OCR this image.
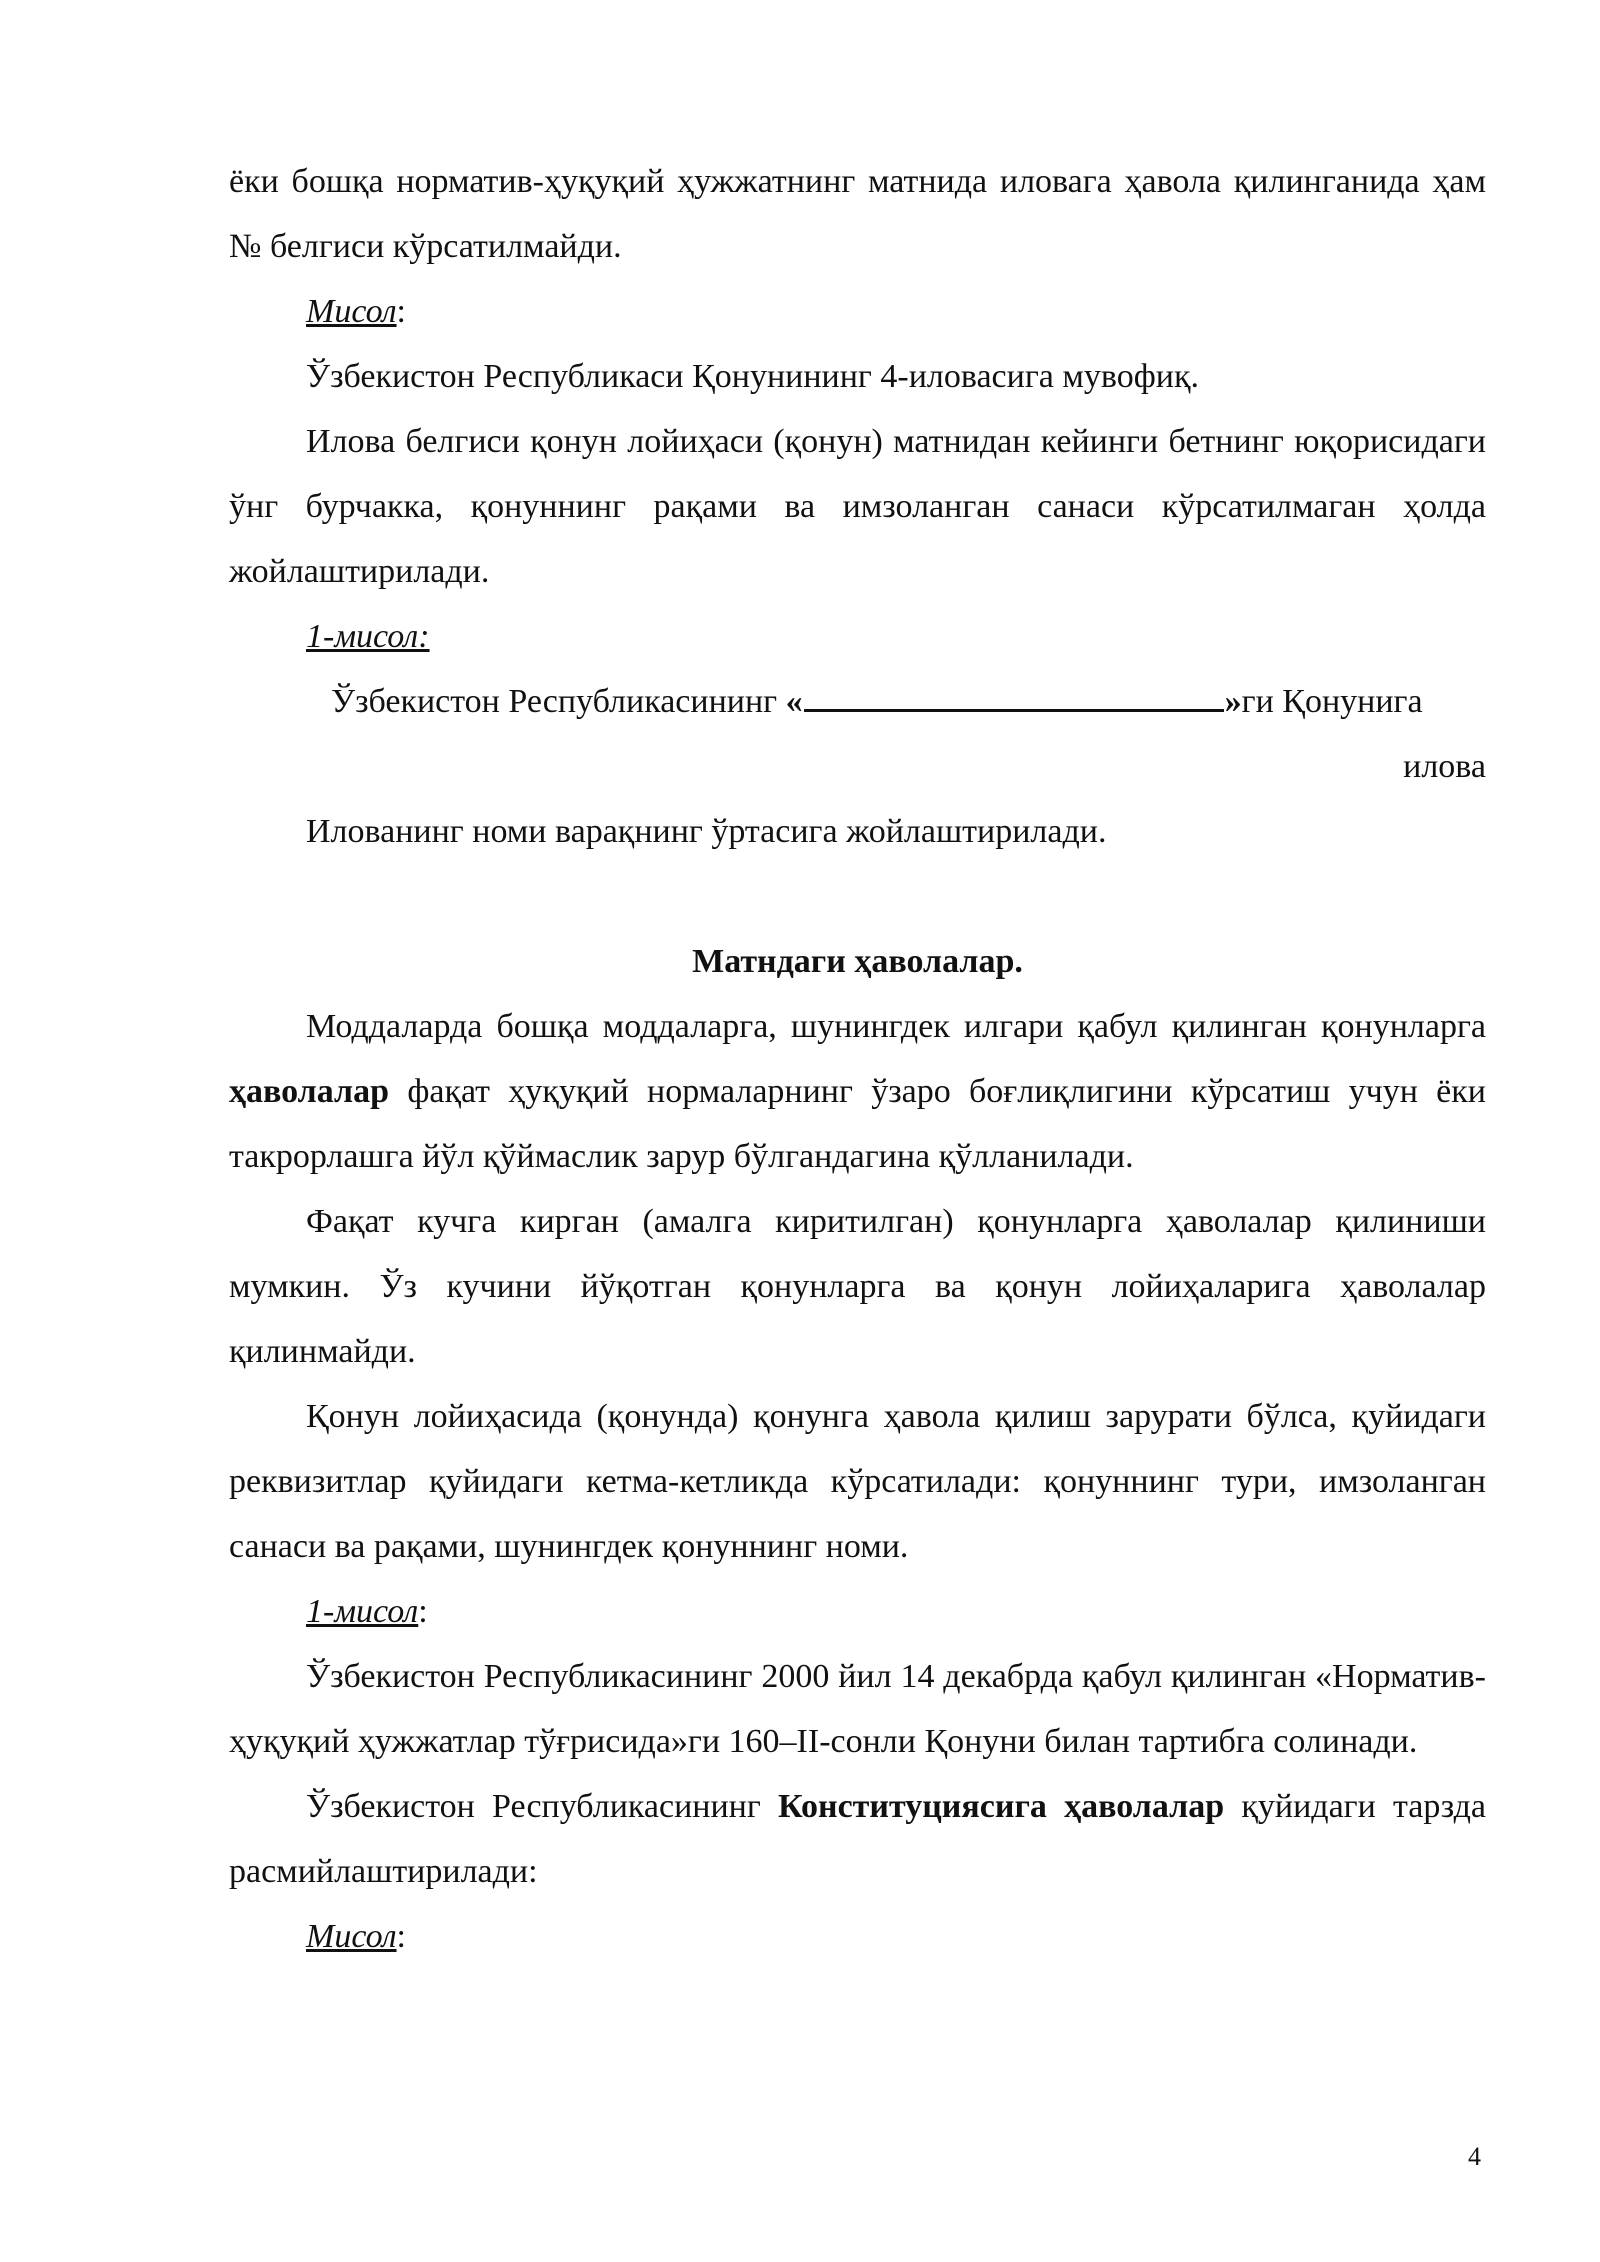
ёки бошқа норматив-ҳуқуқий ҳужжатнинг матнида иловага ҳавола қилинганида ҳам № белгиси кўрсатилмайди.

Мисол:

Ўзбекистон Республикаси Қонунининг 4-иловасига мувофиқ.

Илова белгиси қонун лойиҳаси (қонун) матнидан кейинги бетнинг юқорисидаги ўнг бурчакка, қонуннинг рақами ва имзоланган санаси кўрсатилмаган ҳолда жойлаштирилади.

1-мисол:

Ўзбекистон Республикасининг «	»ги Қонунига

илова

Илованинг номи варақнинг ўртасига жойлаштирилади.

Матндаги ҳаволалар.

Моддаларда бошқа моддаларга, шунингдек илгари қабул қилинган қонунларга ҳаволалар фақат ҳуқуқий нормаларнинг ўзаро боғлиқлигини кўрсатиш учун ёки такрорлашга йўл қўймаслик зарур бўлгандагина қўлланилади.

Фақат кучга кирган (амалга киритилган) қонунларга ҳаволалар қилиниши мумкин. Ўз кучини йўқотган қонунларга ва қонун лойиҳаларига ҳаволалар қилинмайди.

Қонун лойиҳасида (қонунда) қонунга ҳавола қилиш зарурати бўлса, қуйидаги реквизитлар қуйидаги кетма-кетликда кўрсатилади: қонуннинг тури, имзоланган санаси ва рақами, шунингдек қонуннинг номи.

1-мисол:

Ўзбекистон Республикасининг 2000 йил 14 декабрда қабул қилинган «Норматив-ҳуқуқий ҳужжатлар тўғрисида»ги 160–II-сонли Қонуни билан тартибга солинади.

Ўзбекистон Республикасининг Конституциясига ҳаволалар қуйидаги тарзда расмийлаштирилади:

Мисол:

4
